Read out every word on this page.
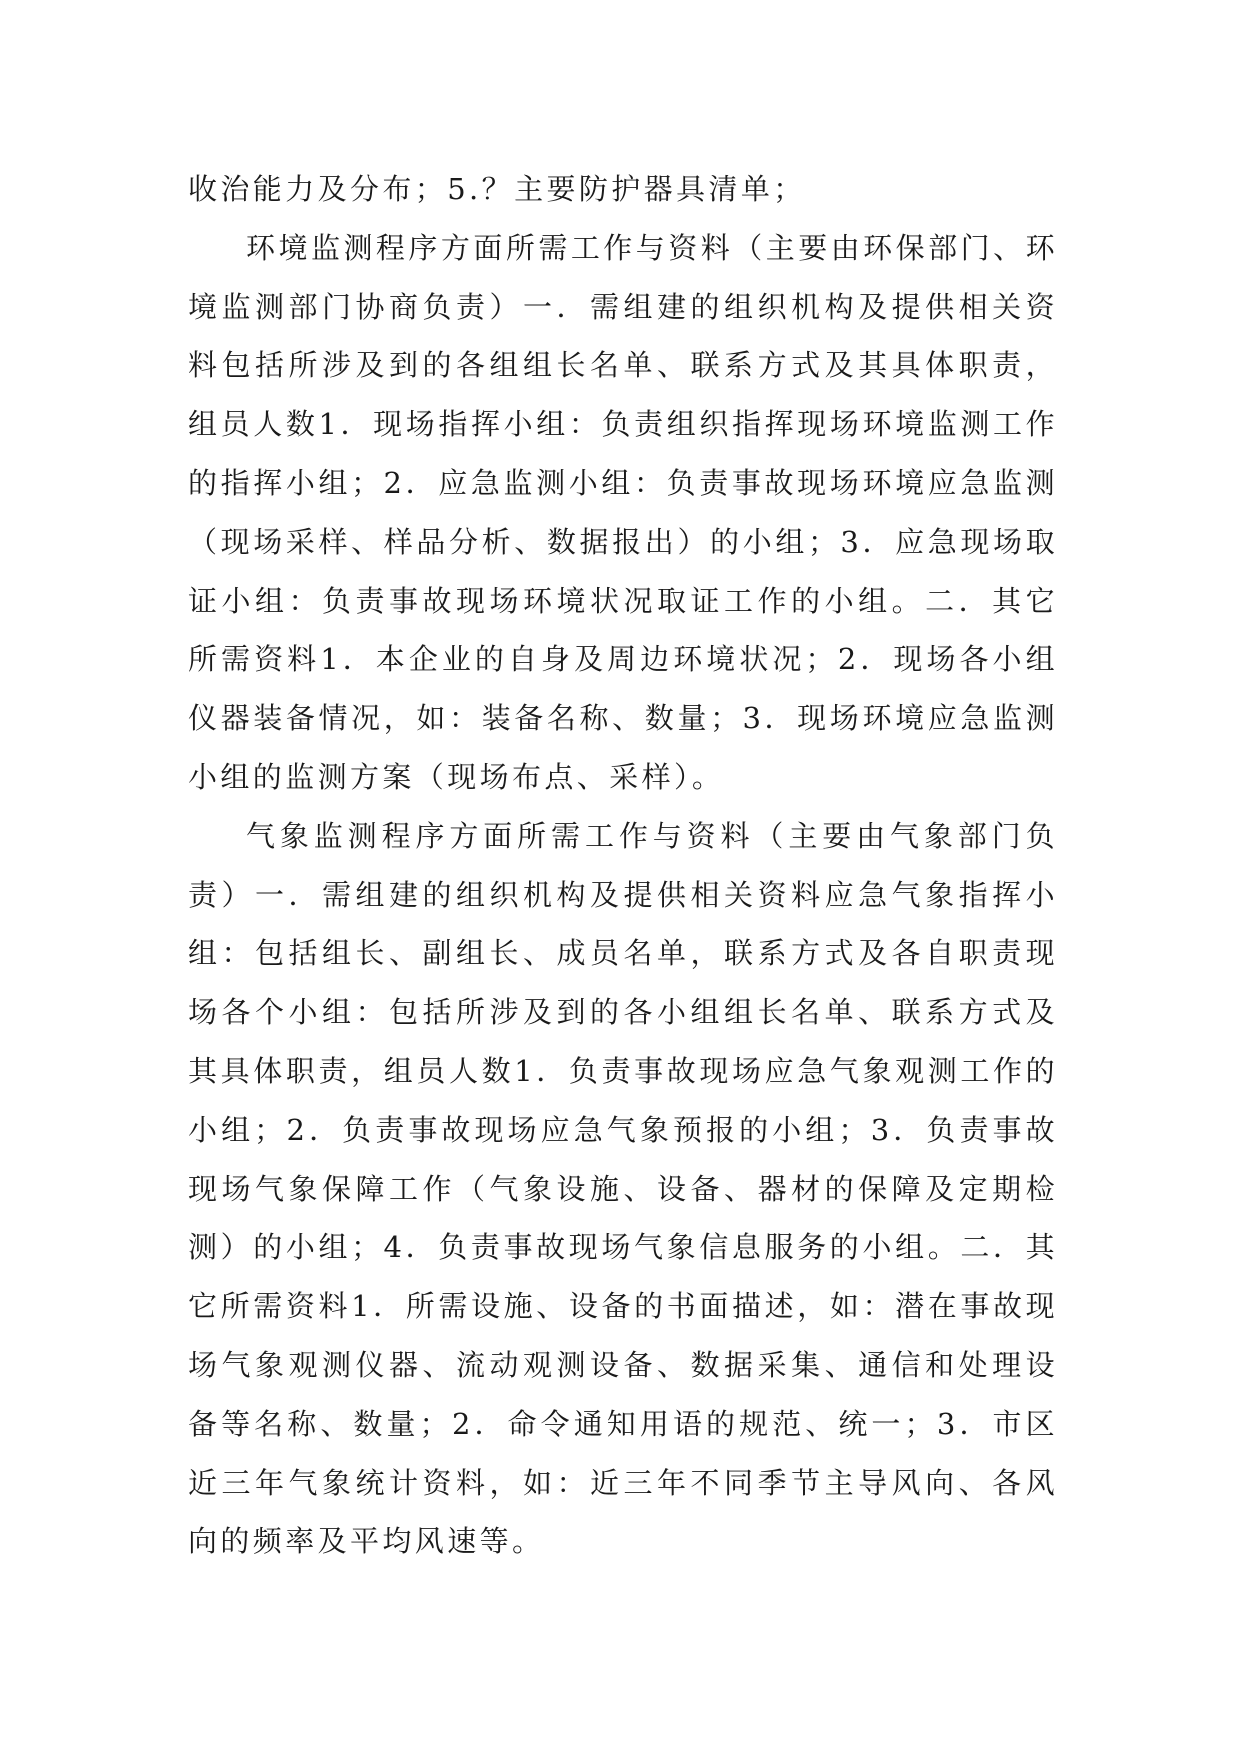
收治能力及分布；5.？主要防护器具清单；

环境监测程序方面所需工作与资料（主要由环保部门、环境监测部门协商负责）一．需组建的组织机构及提供相关资料包括所涉及到的各组组长名单、联系方式及其具体职责，组员人数1．现场指挥小组：负责组织指挥现场环境监测工作的指挥小组；2．应急监测小组：负责事故现场环境应急监测（现场采样、样品分析、数据报出）的小组；3．应急现场取证小组：负责事故现场环境状况取证工作的小组。二．其它所需资料1．本企业的自身及周边环境状况；2．现场各小组仪器装备情况，如：装备名称、数量；3．现场环境应急监测小组的监测方案（现场布点、采样）。

气象监测程序方面所需工作与资料（主要由气象部门负责）一．需组建的组织机构及提供相关资料应急气象指挥小组：包括组长、副组长、成员名单，联系方式及各自职责现场各个小组：包括所涉及到的各小组组长名单、联系方式及其具体职责，组员人数1．负责事故现场应急气象观测工作的小组；2．负责事故现场应急气象预报的小组；3．负责事故现场气象保障工作（气象设施、设备、器材的保障及定期检测）的小组；4．负责事故现场气象信息服务的小组。二．其它所需资料1．所需设施、设备的书面描述，如：潜在事故现场气象观测仪器、流动观测设备、数据采集、通信和处理设备等名称、数量；2．命令通知用语的规范、统一；3．市区近三年气象统计资料，如：近三年不同季节主导风向、各风向的频率及平均风速等。
